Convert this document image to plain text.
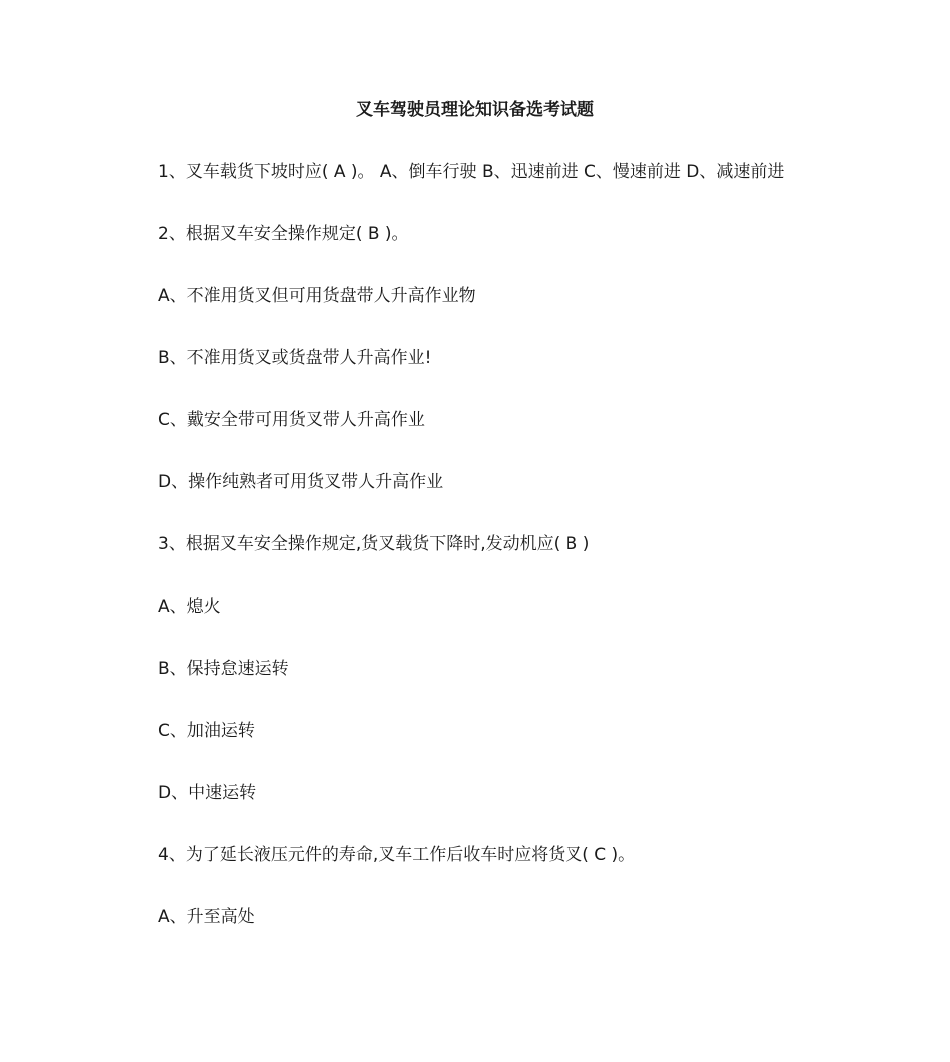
叉车驾驶员理论知识备选考试题
1、叉车载货下坡时应( A )。 A、倒车行驶 B、迅速前进 C、慢速前进 D、减速前进
2、根据叉车安全操作规定( B )。
A、不准用货叉但可用货盘带人升高作业物
B、不准用货叉或货盘带人升高作业!
C、戴安全带可用货叉带人升高作业
D、操作纯熟者可用货叉带人升高作业
3、根据叉车安全操作规定,货叉载货下降时,发动机应( B )
A、熄火
B、保持怠速运转
C、加油运转
D、中速运转
4、为了延长液压元件的寿命,叉车工作后收车时应将货叉( C )。
A、升至高处
